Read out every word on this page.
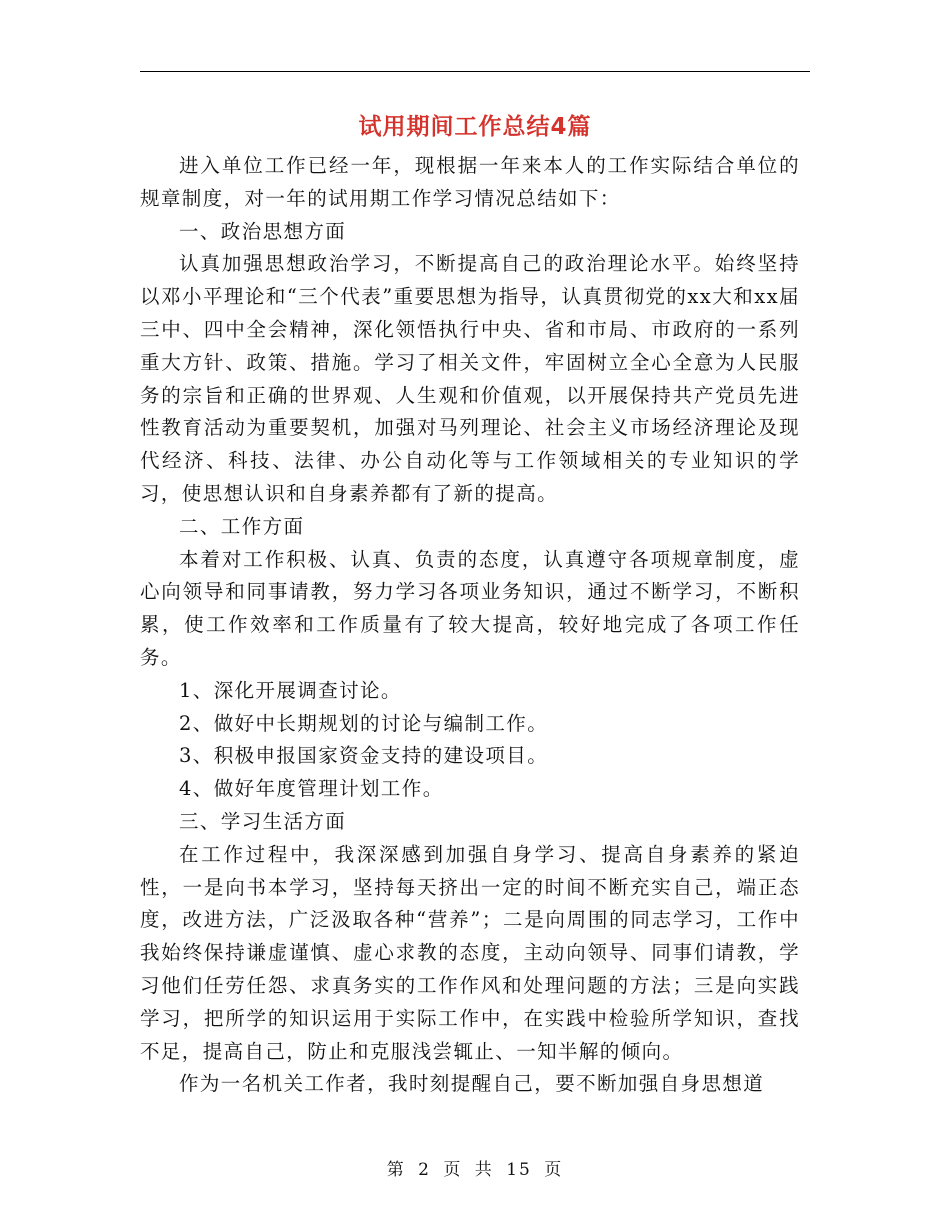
试用期间工作总结4篇

进入单位工作已经一年，现根据一年来本人的工作实际结合单位的规章制度，对一年的试用期工作学习情况总结如下：

一、政治思想方面

认真加强思想政治学习，不断提高自己的政治理论水平。始终坚持以邓小平理论和“三个代表”重要思想为指导，认真贯彻党的xx大和xx届三中、四中全会精神，深化领悟执行中央、省和市局、市政府的一系列重大方针、政策、措施。学习了相关文件，牢固树立全心全意为人民服务的宗旨和正确的世界观、人生观和价值观，以开展保持共产党员先进性教育活动为重要契机，加强对马列理论、社会主义市场经济理论及现代经济、科技、法律、办公自动化等与工作领域相关的专业知识的学习，使思想认识和自身素养都有了新的提高。

二、工作方面

本着对工作积极、认真、负责的态度，认真遵守各项规章制度，虚心向领导和同事请教，努力学习各项业务知识，通过不断学习，不断积累，使工作效率和工作质量有了较大提高，较好地完成了各项工作任务。

1、深化开展调查讨论。

2、做好中长期规划的讨论与编制工作。

3、积极申报国家资金支持的建设项目。

4、做好年度管理计划工作。

三、学习生活方面

在工作过程中，我深深感到加强自身学习、提高自身素养的紧迫性，一是向书本学习，坚持每天挤出一定的时间不断充实自己，端正态度，改进方法，广泛汲取各种“营养”；二是向周围的同志学习，工作中我始终保持谦虚谨慎、虚心求教的态度，主动向领导、同事们请教，学习他们任劳任怨、求真务实的工作作风和处理问题的方法；三是向实践学习，把所学的知识运用于实际工作中，在实践中检验所学知识，查找不足，提高自己，防止和克服浅尝辄止、一知半解的倾向。

作为一名机关工作者，我时刻提醒自己，要不断加强自身思想道

第 2 页 共 15 页
